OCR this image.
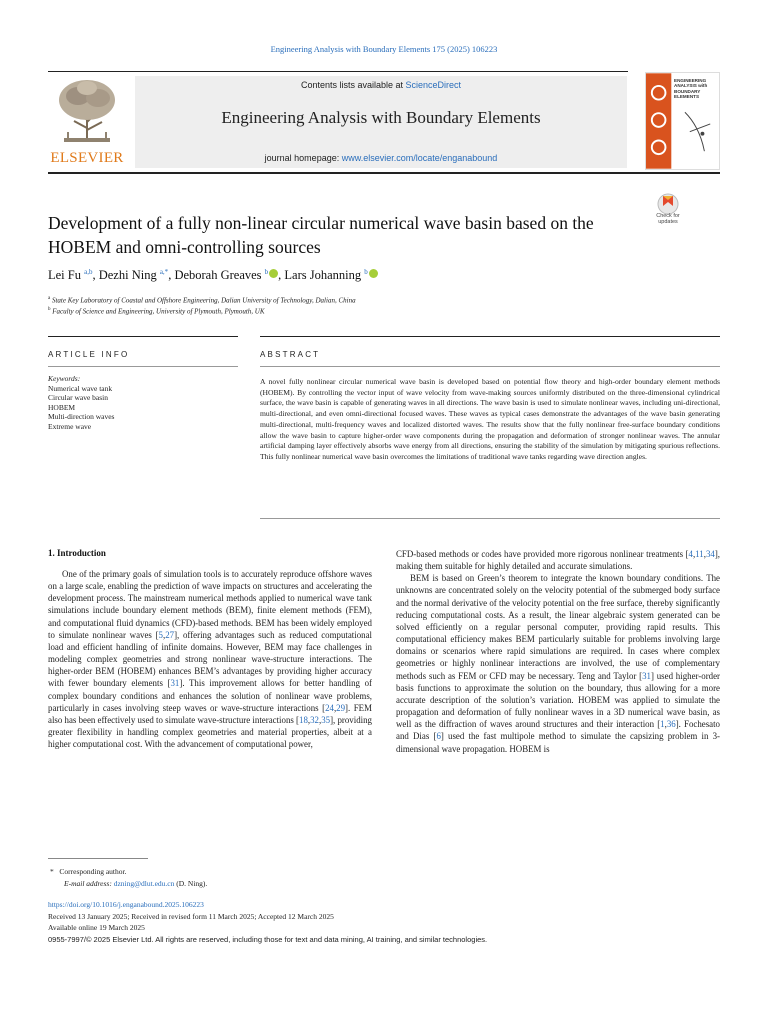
Engineering Analysis with Boundary Elements 175 (2025) 106223
ELSEVIER
Contents lists available at ScienceDirect
Engineering Analysis with Boundary Elements
journal homepage: www.elsevier.com/locate/enganabound
ENGINEERING ANALYSIS with BOUNDARY ELEMENTS
Check for updates
Development of a fully non-linear circular numerical wave basin based on the HOBEM and omni-controlling sources
Lei Fu $^{a,b}$, Dezhi Ning $^{a,*}$, Deborah Greaves $^b$ , Lars Johanning $^b$
$^a$ State Key Laboratory of Coastal and Offshore Engineering, Dalian University of Technology, Dalian, China
$^b$ Faculty of Science and Engineering, University of Plymouth, Plymouth, UK
ARTICLE INFO	ABSTRACT
Keywords:
Numerical wave tank
Circular wave basin
HOBEM
Multi-direction waves
Extreme wave
A novel fully nonlinear circular numerical wave basin is developed based on potential flow theory and high-order boundary element methods (HOBEM). By controlling the vector input of wave velocity from wave-making sources uniformly distributed on the three-dimensional cylindrical surface, the wave basin is capable of generating waves in all directions. The wave basin is used to simulate nonlinear waves, including uni-directional, multi-directional, and even omni-directional focused waves. These waves as typical cases demonstrate the advantages of the wave basin generating multi-directional, multi-frequency waves and localized distorted waves. The results show that the fully nonlinear free-surface boundary conditions allow the wave basin to capture higher-order wave components during the propagation and deformation of stronger nonlinear waves. The annular artificial damping layer effectively absorbs wave energy from all directions, ensuring the stability of the simulation by mitigating spurious reflections. This fully nonlinear numerical wave basin overcomes the limitations of traditional wave tanks regarding wave direction angles.
1. Introduction

One of the primary goals of simulation tools is to accurately reproduce offshore waves on a large scale, enabling the prediction of wave impacts on structures and accelerating the development process. The mainstream numerical methods applied to numerical wave tank simulations include boundary element methods (BEM), finite element methods (FEM), and computational fluid dynamics (CFD)-based methods. BEM has been widely employed to simulate nonlinear waves [5,27], offering advantages such as reduced computational load and efficient handling of infinite domains. However, BEM may face challenges in modeling complex geometries and strong nonlinear wave-structure interactions. The higher-order BEM (HOBEM) enhances BEM’s advantages by providing higher accuracy with fewer boundary elements [31]. This improvement allows for better handling of complex boundary conditions and enhances the solution of nonlinear wave problems, particularly in cases involving steep waves or wave-structure interactions [24,29]. FEM also has been effectively used to simulate wave-structure interactions [18,32,35], providing greater flexibility in handling complex geometries and material properties, albeit at a higher computational cost. With the advancement of computational power,

CFD-based methods or codes have provided more rigorous nonlinear treatments [4,11,34], making them suitable for highly detailed and accurate simulations.

BEM is based on Green’s theorem to integrate the known boundary conditions. The unknowns are concentrated solely on the velocity potential of the submerged body surface and the normal derivative of the velocity potential on the free surface, thereby significantly reducing computational costs. As a result, the linear algebraic system generated can be solved efficiently on a regular personal computer, providing rapid results. This computational efficiency makes BEM particularly suitable for problems involving large domains or scenarios where rapid simulations are required. In cases where complex geometries or highly nonlinear interactions are involved, the use of complementary methods such as FEM or CFD may be necessary. Teng and Taylor [31] used higher-order basis functions to approximate the solution on the boundary, thus allowing for a more accurate description of the solution’s variation. HOBEM was applied to simulate the propagation and deformation of fully nonlinear waves in a 3D numerical wave basin, as well as the diffraction of waves around structures and their interaction [1,36]. Fochesato and Dias [6] used the fast multipole method to simulate the capsizing problem in 3-dimensional wave propagation. HOBEM is

* Corresponding author.
E-mail address: dzning@dlut.edu.cn (D. Ning).
https://doi.org/10.1016/j.enganabound.2025.106223
Received 13 January 2025; Received in revised form 11 March 2025; Accepted 12 March 2025
Available online 19 March 2025
0955-7997/© 2025 Elsevier Ltd. All rights are reserved, including those for text and data mining, AI training, and similar technologies.
